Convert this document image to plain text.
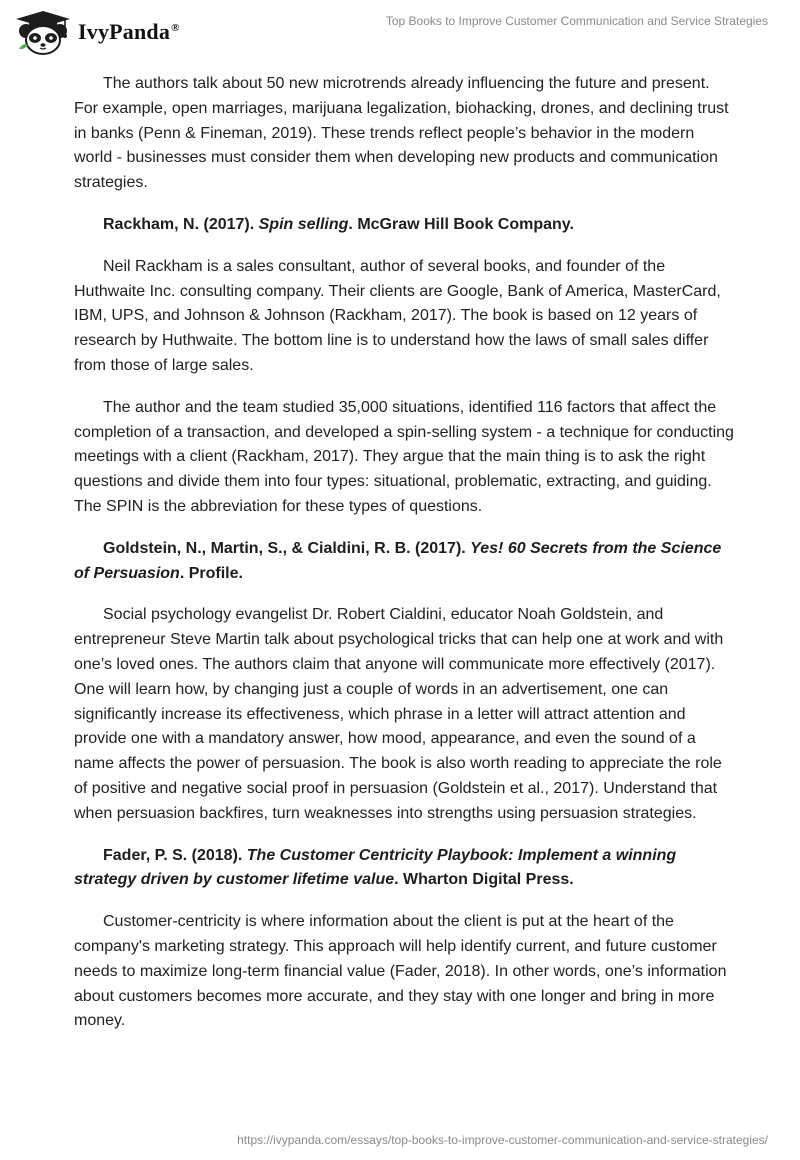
IvyPanda®	Top Books to Improve Customer Communication and Service Strategies

The authors talk about 50 new microtrends already influencing the future and present. For example, open marriages, marijuana legalization, biohacking, drones, and declining trust in banks (Penn & Fineman, 2019). These trends reflect people’s behavior in the modern world - businesses must consider them when developing new products and communication strategies.

Rackham, N. (2017). Spin selling. McGraw Hill Book Company.

Neil Rackham is a sales consultant, author of several books, and founder of the Huthwaite Inc. consulting company. Their clients are Google, Bank of America, MasterCard, IBM, UPS, and Johnson & Johnson (Rackham, 2017). The book is based on 12 years of research by Huthwaite. The bottom line is to understand how the laws of small sales differ from those of large sales.

The author and the team studied 35,000 situations, identified 116 factors that affect the completion of a transaction, and developed a spin-selling system - a technique for conducting meetings with a client (Rackham, 2017). They argue that the main thing is to ask the right questions and divide them into four types: situational, problematic, extracting, and guiding. The SPIN is the abbreviation for these types of questions.

Goldstein, N., Martin, S., & Cialdini, R. B. (2017). Yes! 60 Secrets from the Science of Persuasion. Profile.

Social psychology evangelist Dr. Robert Cialdini, educator Noah Goldstein, and entrepreneur Steve Martin talk about psychological tricks that can help one at work and with one’s loved ones. The authors claim that anyone will communicate more effectively (2017). One will learn how, by changing just a couple of words in an advertisement, one can significantly increase its effectiveness, which phrase in a letter will attract attention and provide one with a mandatory answer, how mood, appearance, and even the sound of a name affects the power of persuasion. The book is also worth reading to appreciate the role of positive and negative social proof in persuasion (Goldstein et al., 2017). Understand that when persuasion backfires, turn weaknesses into strengths using persuasion strategies.

Fader, P. S. (2018). The Customer Centricity Playbook: Implement a winning strategy driven by customer lifetime value. Wharton Digital Press.

Customer-centricity is where information about the client is put at the heart of the company's marketing strategy. This approach will help identify current, and future customer needs to maximize long-term financial value (Fader, 2018). In other words, one’s information about customers becomes more accurate, and they stay with one longer and bring in more money.

https://ivypanda.com/essays/top-books-to-improve-customer-communication-and-service-strategies/
